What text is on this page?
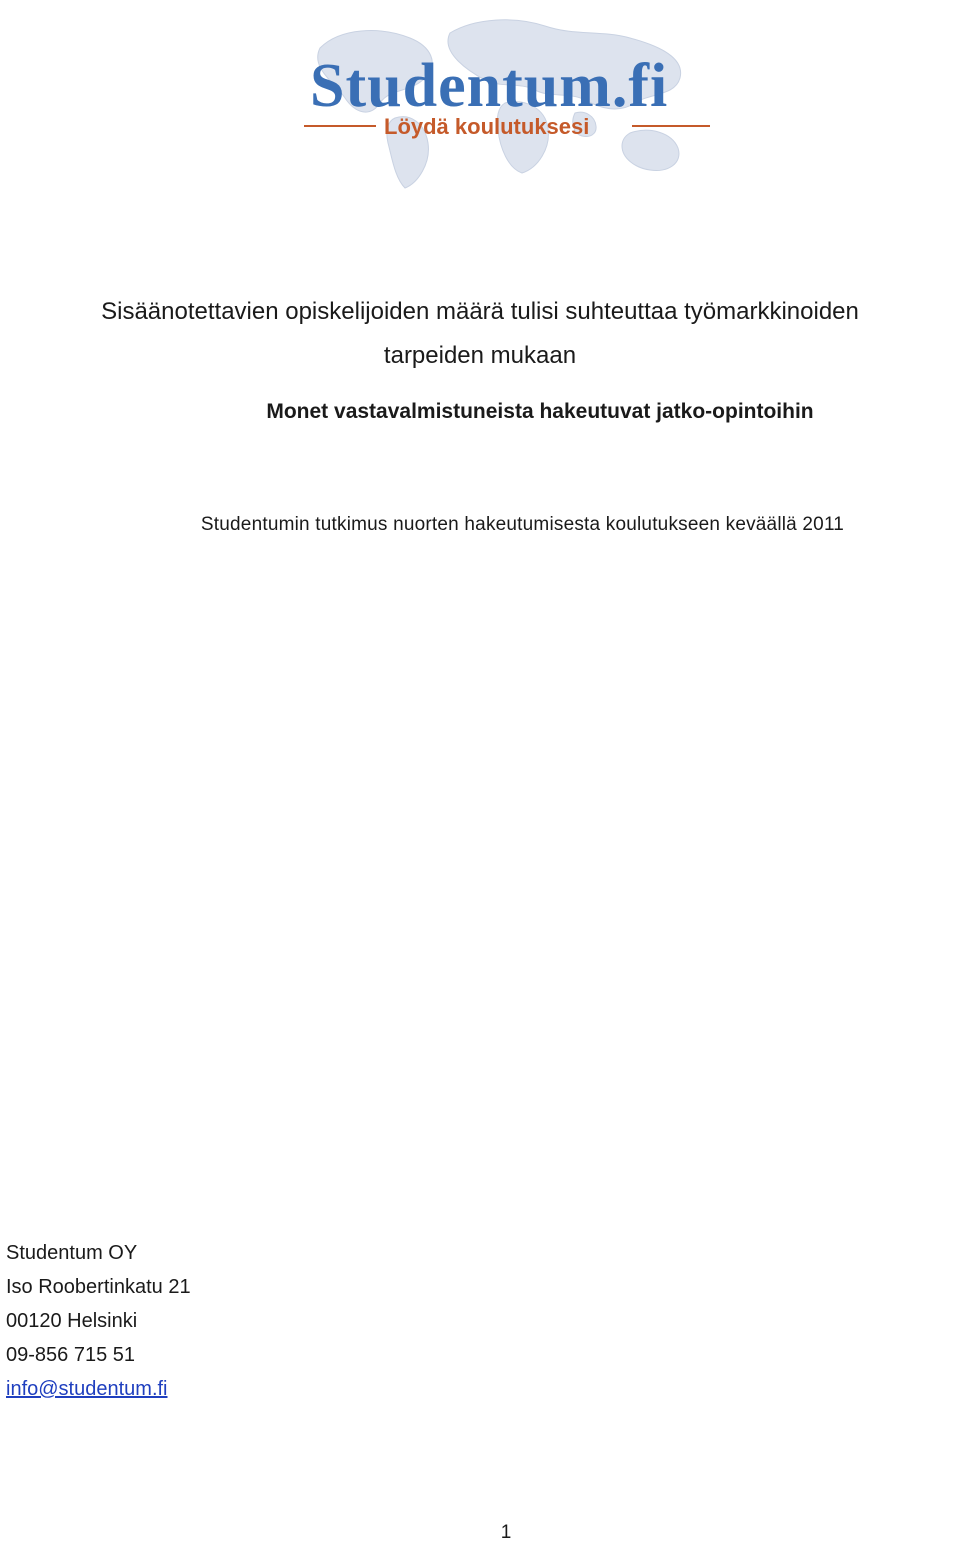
Studentum.fi
Löydä koulutuksesi
Sisäänotettavien opiskelijoiden määrä tulisi suhteuttaa työmarkkinoiden
tarpeiden mukaan
Monet vastavalmistuneista hakeutuvat jatko-opintoihin
Studentumin tutkimus nuorten hakeutumisesta koulutukseen keväällä 2011
Studentum OY
Iso Roobertinkatu 21
00120 Helsinki
09-856 715 51
info@studentum.fi
1
